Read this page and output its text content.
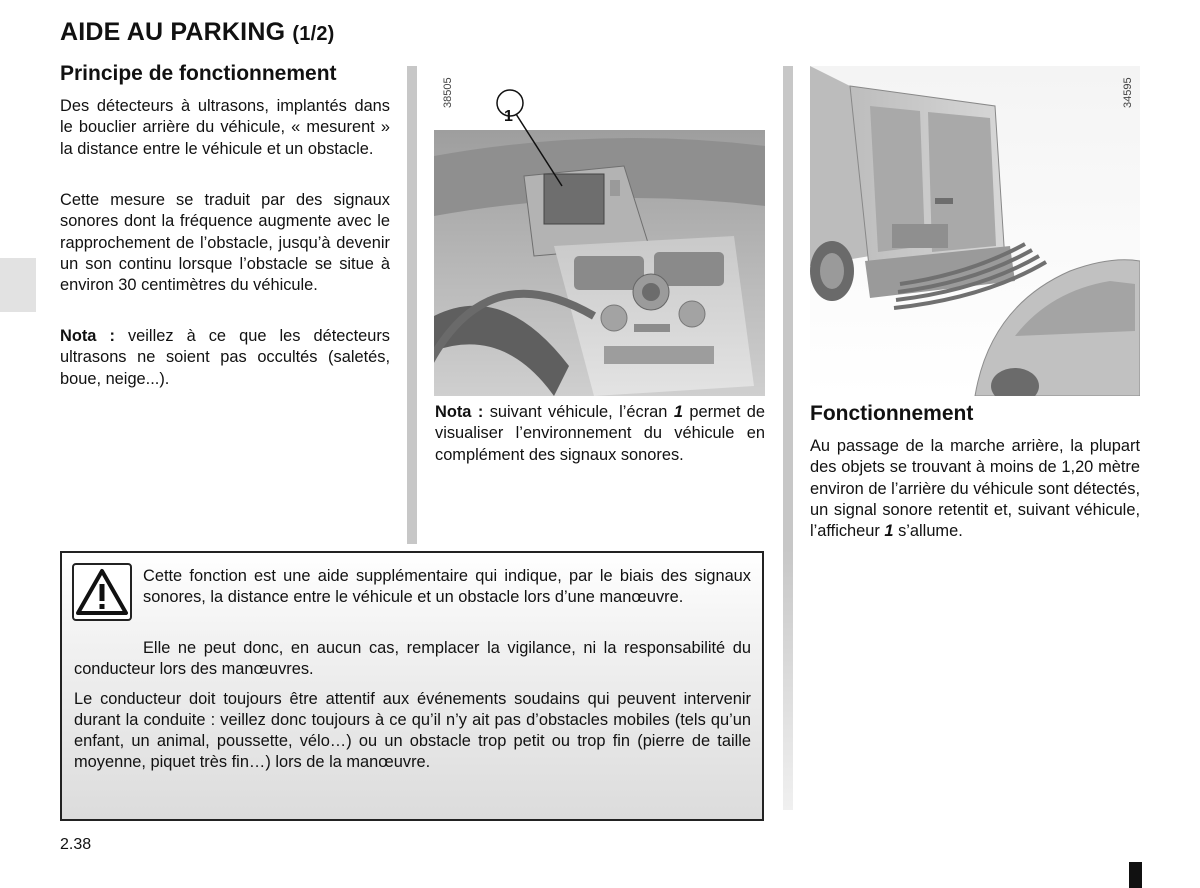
AIDE AU PARKING (1/2)
Principe de fonctionnement
Des détecteurs à ultrasons, implantés dans le bouclier arrière du véhicule, « mesurent » la distance entre le véhicule et un obstacle.
Cette mesure se traduit par des signaux sonores dont la fréquence augmente avec le rapprochement de l’obstacle, jusqu’à devenir un son continu lorsque l’obstacle se situe à environ 30 centimètres du véhicule.
Nota : veillez à ce que les détecteurs ultrasons ne soient pas occultés (saletés, boue, neige...).
1
38505
Nota : suivant véhicule, l’écran 1 permet de visualiser l’environnement du véhicule en complément des signaux sonores.
34595
Fonctionnement
Au passage de la marche arrière, la plupart des objets se trouvant à moins de 1,20 mètre environ de l’arrière du véhicule sont détectés, un signal sonore retentit et, suivant véhicule, l’afficheur 1 s’allume.
Cette fonction est une aide supplémentaire qui indique, par le biais des signaux sonores, la distance entre le véhicule et un obstacle lors d’une manœuvre.
Elle ne peut donc, en aucun cas, remplacer la vigilance, ni la responsabilité du conducteur lors des manœuvres.
Le conducteur doit toujours être attentif aux événements soudains qui peuvent intervenir durant la conduite : veillez donc toujours à ce qu’il n’y ait pas d’obstacles mobiles (tels qu’un enfant, un animal, poussette, vélo…) ou un obstacle trop petit ou trop fin (pierre de taille moyenne, piquet très fin…) lors de la manœuvre.
2.38
